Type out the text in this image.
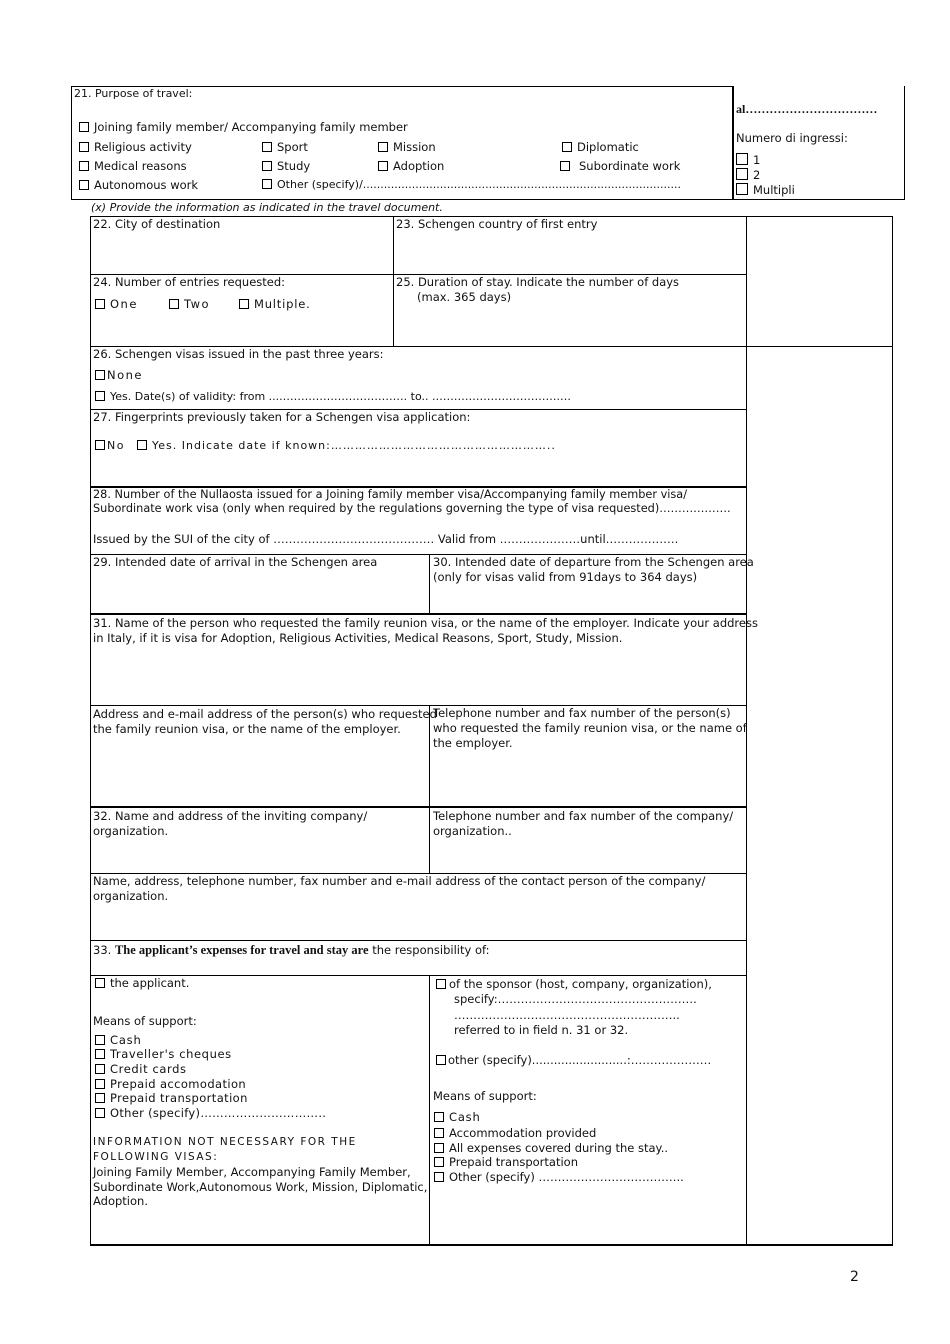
21. Purpose of travel:
Joining family member/ Accompanying family member
Religious activity	Sport	Mission	Diplomatic
Medical reasons	Study	Adoption	Subordinate work
Autonomous work	Other (specify)/...........................................................................................
al……………………………
Numero di ingressi:
1
2
Multipli
(x) Provide the information as indicated in the travel document.
22. City of destination	23. Schengen country of first entry
24. Number of entries requested:
One	Two	Multiple.
25. Duration of stay. Indicate the number of days
(max. 365 days)
26. Schengen visas issued in the past three years:
None
Yes. Date(s) of validity: from ....……………………………. to.. .…………………………….…
27. Fingerprints previously taken for a Schengen visa application:
No	Yes. Indicate date if known:………………………………………………..
28. Number of the Nullaosta issued for a Joining family member visa/Accompanying family member visa/
Subordinate work visa (only when required by the regulations governing the type of visa requested)……………….
Issued by the SUI of the city of …………………………………… Valid from …………………until……………….
29. Intended date of arrival in the Schengen area	30. Intended date of departure from the Schengen area
(only for visas valid from 91days to 364 days)
31. Name of the person who requested the family reunion visa, or the name of the employer. Indicate your address
in Italy, if it is visa for Adoption, Religious Activities, Medical Reasons, Sport, Study, Mission.
Address and e-mail address of the person(s) who requested
the family reunion visa, or the name of the employer.
Telephone number and fax number of the person(s)
who requested the family reunion visa, or the name of
the employer.
32. Name and address of the inviting company/
organization.
Telephone number and fax number of the company/
organization..
Name, address, telephone number, fax number and e-mail address of the contact person of the company/
organization.
33. The applicant’s expenses for travel and stay are the responsibility of:
the applicant.
Means of support:
Cash
Traveller's cheques
Credit cards
Prepaid accomodation
Prepaid transportation
Other (specify)…………………………..
INFORMATION NOT NECESSARY FOR THE
FOLLOWING VISAS:
Joining Family Member, Accompanying Family Member,
Subordinate Work,Autonomous Work, Mission, Diplomatic,
Adoption.
of the sponsor (host, company, organization),
specify:…………………………………………….
…………………………………………………..
referred to in field n. 31 or 32.
other (specify)..........................:…………………
Means of support:
Cash
Accommodation provided
All expenses covered during the stay..
Prepaid transportation
Other (specify) ………………………………..
2
